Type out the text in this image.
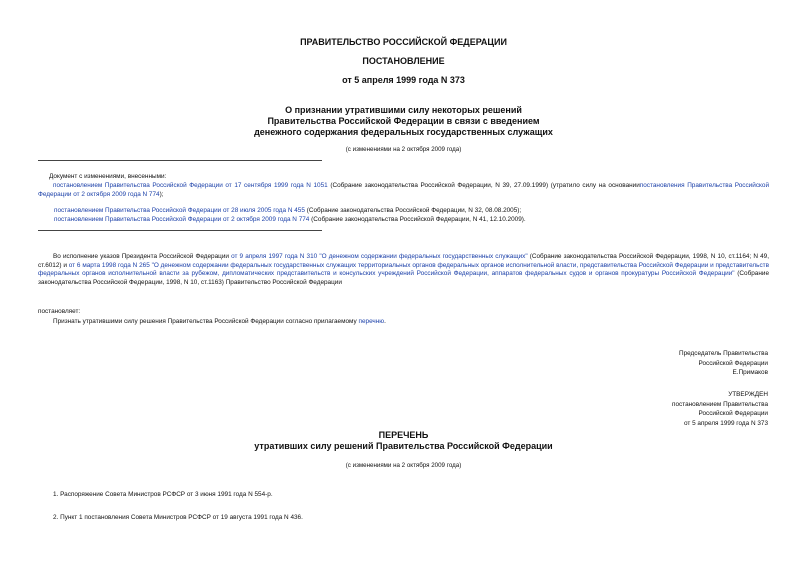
ПРАВИТЕЛЬСТВО РОССИЙСКОЙ ФЕДЕРАЦИИ
ПОСТАНОВЛЕНИЕ
от 5 апреля 1999 года N 373
О признании утратившими силу некоторых решений
Правительства Российской Федерации в связи с введением
денежного содержания федеральных государственных служащих
(с изменениями на 2 октября 2009 года)
Документ с изменениями, внесенными:
постановлением Правительства Российской Федерации от 17 сентября 1999 года N 1051 (Собрание законодательства Российской Федерации, N 39, 27.09.1999) (утратило силу на основаниипостановления Правительства Российской Федерации от 2 октября 2009 года N 774);
постановлением Правительства Российской Федерации от 28 июля 2005 года N 455 (Собрание законодательства Российской Федерации, N 32, 08.08.2005);
постановлением Правительства Российской Федерации от 2 октября 2009 года N 774 (Собрание законодательства Российской Федерации, N 41, 12.10.2009).
Во исполнение указов Президента Российской Федерации от 9 апреля 1997 года N 310 "О денежном содержании федеральных государственных служащих" (Собрание законодательства Российской Федерации, 1998, N 10, ст.1164; N 49, ст.6012) и от 6 марта 1998 года N 265 "О денежном содержании федеральных государственных служащих территориальных органов федеральных органов исполнительной власти, представительства Российской Федерации и представительств федеральных органов исполнительной власти за рубежом, дипломатических представительств и консульских учреждений Российской Федерации, аппаратов федеральных судов и органов прокуратуры Российской Федерации" (Собрание законодательства Российской Федерации, 1998, N 10, ст.1163) Правительство Российской Федерации
постановляет:
Признать утратившими силу решения Правительства Российской Федерации согласно прилагаемому перечню.
Председатель Правительства
Российской Федерации
Е.Примаков
УТВЕРЖДЕН
постановлением Правительства
Российской Федерации
от 5 апреля 1999 года N 373
ПЕРЕЧЕНЬ
утративших силу решений Правительства Российской Федерации
(с изменениями на 2 октября 2009 года)
1. Распоряжение Совета Министров РСФСР от 3 июня 1991 года N 554-р.
2. Пункт 1 постановления Совета Министров РСФСР от 19 августа 1991 года N 436.
